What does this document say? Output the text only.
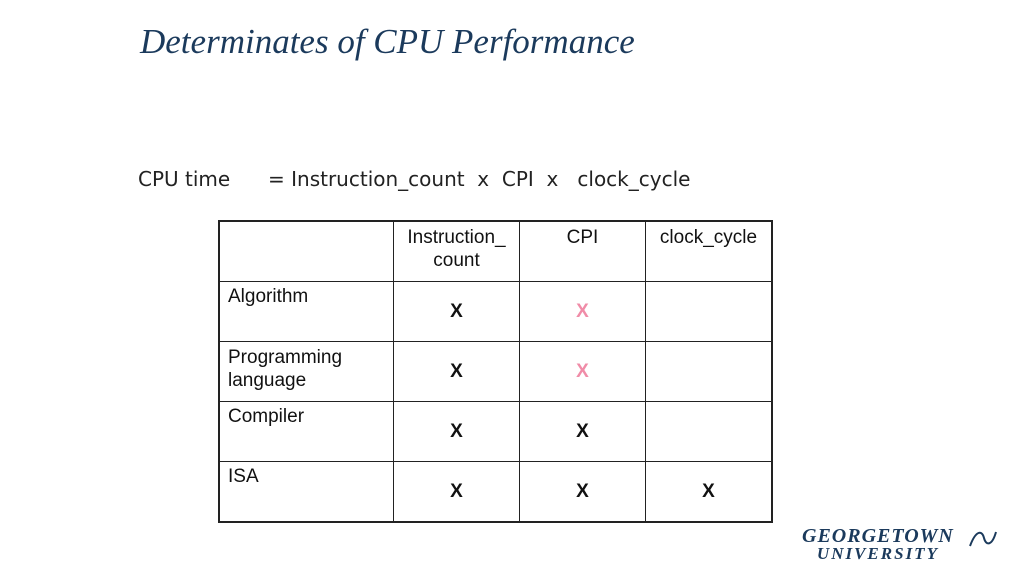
Determinates of CPU Performance
CPU time = Instruction_count  x  CPI  x   clock_cycle
	Instruction_
count	CPI	clock_cycle
Algorithm	X	X	
Programming
language	X	X	
Compiler	X	X	
ISA	X	X	X
GEORGETOWN
UNIVERSITY
